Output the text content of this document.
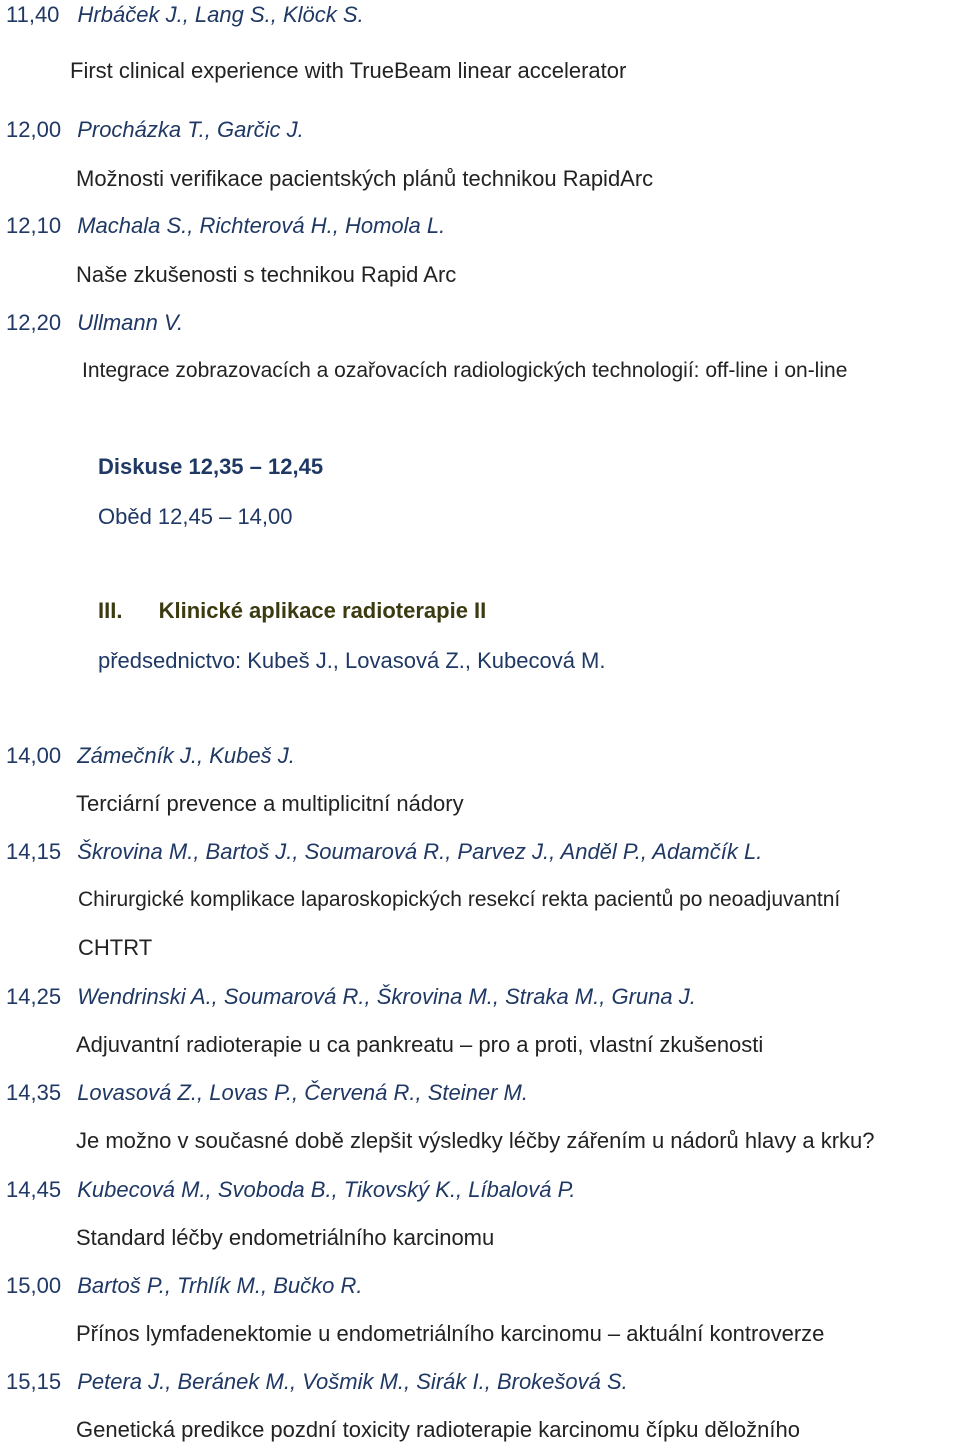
11,40 Hrbáček J., Lang S., Klöck S.
First clinical experience with TrueBeam linear accelerator
12,00 Procházka T., Garčic J.
Možnosti verifikace pacientských plánů technikou RapidArc
12,10 Machala S., Richterová H., Homola L.
Naše zkušenosti s technikou Rapid Arc
12,20 Ullmann V.
Integrace zobrazovacích a ozařovacích radiologických technologií: off-line i on-line
Diskuse 12,35 – 12,45
Oběd 12,45 – 14,00
III. Klinické aplikace radioterapie II
předsednictvo: Kubeš J., Lovasová Z., Kubecová M.
14,00 Zámečník J., Kubeš J.
Terciární prevence a multiplicitní nádory
14,15 Škrovina M., Bartoš J., Soumarová R., Parvez J., Anděl P., Adamčík L.
Chirurgické komplikace laparoskopických resekcí rekta pacientů po neoadjuvantní
CHTRT
14,25 Wendrinski A., Soumarová R., Škrovina M., Straka M., Gruna J.
Adjuvantní radioterapie u ca pankreatu – pro a proti, vlastní zkušenosti
14,35 Lovasová Z., Lovas P., Červená R., Steiner M.
Je možno v současné době zlepšit výsledky léčby zářením u nádorů hlavy a krku?
14,45 Kubecová M., Svoboda B., Tikovský K., Líbalová P.
Standard léčby endometriálního karcinomu
15,00 Bartoš P., Trhlík M., Bučko R.
Přínos lymfadenektomie u endometriálního karcinomu – aktuální kontroverze
15,15 Petera J., Beránek M., Vošmik M., Sirák I., Brokešová S.
Genetická predikce pozdní toxicity radioterapie karcinomu čípku děložního
